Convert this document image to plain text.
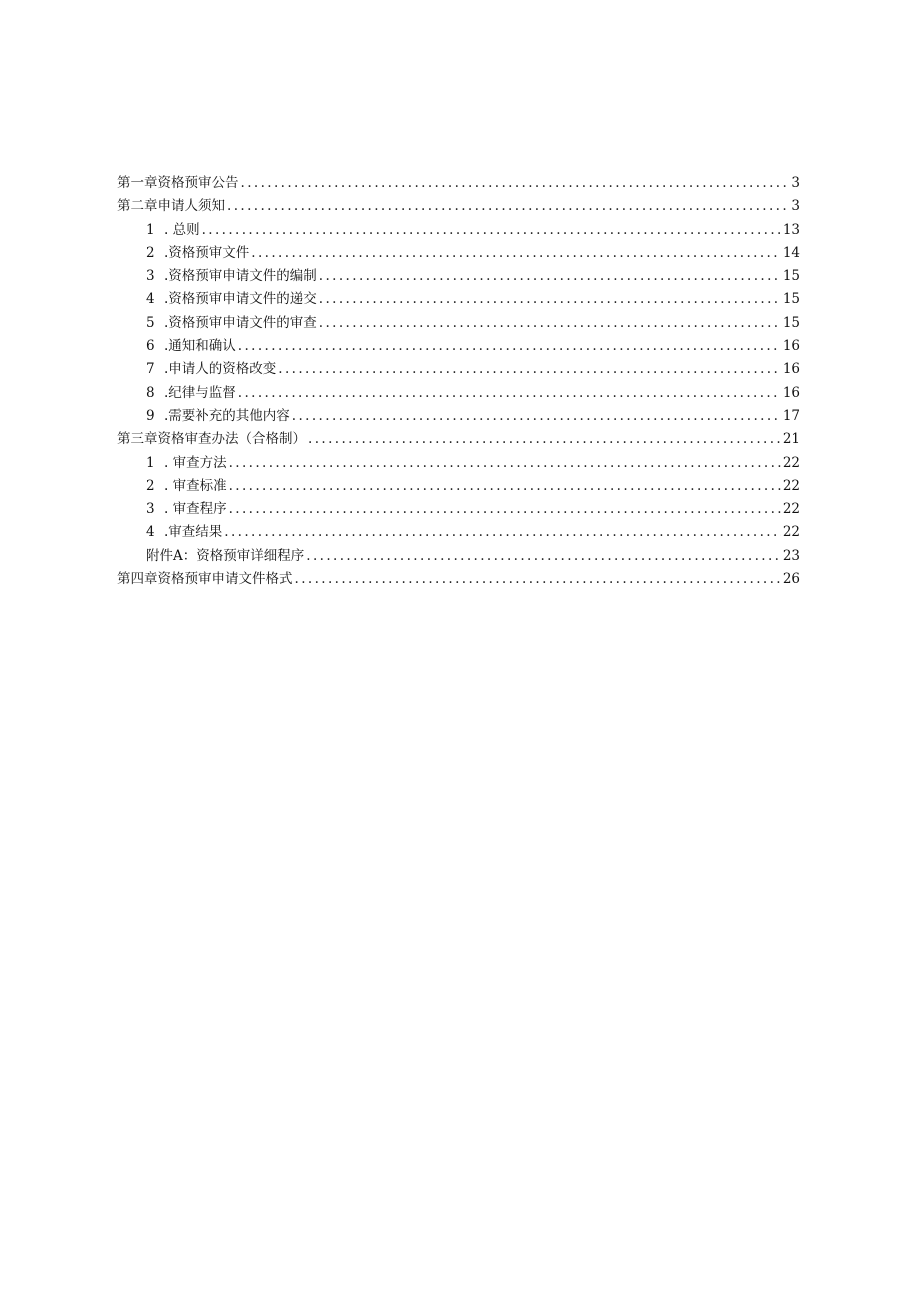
第一章资格预审公告 .....	3
第二章申请人须知 .....	3
1 . 总则 .....	13
2 .资格预审文件 .....	14
3 .资格预审申请文件的编制 .....	15
4 .资格预审申请文件的递交 .....	15
5 .资格预审申请文件的审查 .....	15
6 .通知和确认 .....	16
7 .申请人的资格改变 .....	16
8 .纪律与监督 .....	16
9 .需要补充的其他内容 .....	17
第三章资格审查办法（合格制） .....	21
1 . 审查方法 .....	22
2 . 审查标准 .....	22
3 . 审查程序 .....	22
4 .审查结果 .....	22
附件A：资格预审详细程序 .....	23
第四章资格预审申请文件格式 .....	26
